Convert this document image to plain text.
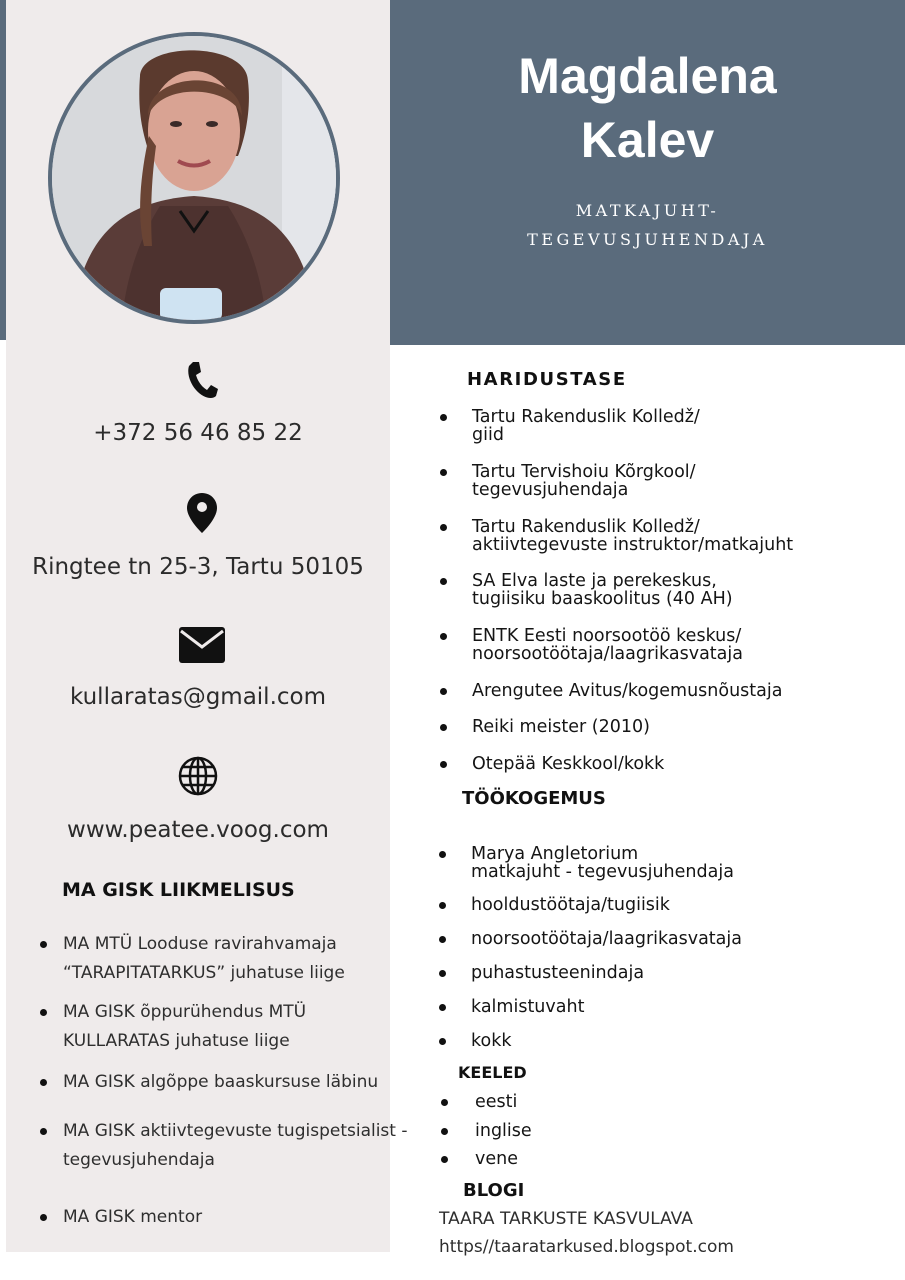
Magdalena
Kalev
MATKAJUHT-
TEGEVUSJUHENDAJA
+372 56 46 85 22
Ringtee tn 25-3, Tartu 50105
kullaratas@gmail.com
www.peatee.voog.com
MA GISK LIIKMELISUS
MA MTÜ Looduse ravirahvamaja
“TARAPITATARKUS” juhatuse liige
MA GISK õppurühendus MTÜ
KULLARATAS juhatuse liige
MA GISK algõppe baaskursuse läbinu
MA GISK aktiivtegevuste tugispetsialist -
tegevusjuhendaja
MA GISK mentor
HARIDUSTASE
Tartu Rakenduslik Kolledž/
giid
Tartu Tervishoiu Kõrgkool/
tegevusjuhendaja
Tartu Rakenduslik Kolledž/
aktiivtegevuste instruktor/matkajuht
SA Elva laste ja perekeskus,
tugiisiku baaskoolitus (40 AH)
ENTK Eesti noorsootöö keskus/
noorsootöötaja/laagrikasvataja
Arengutee Avitus/kogemusnõustaja
Reiki meister (2010)
Otepää Keskkool/kokk
TÖÖKOGEMUS
Marya Angletorium
matkajuht - tegevusjuhendaja
hooldustöötaja/tugiisik
noorsootöötaja/laagrikasvataja
puhastusteenindaja
kalmistuvaht
kokk
KEELED
eesti
inglise
vene
BLOGI
TAARA TARKUSTE KASVULAVA
https//taaratarkused.blogspot.com
